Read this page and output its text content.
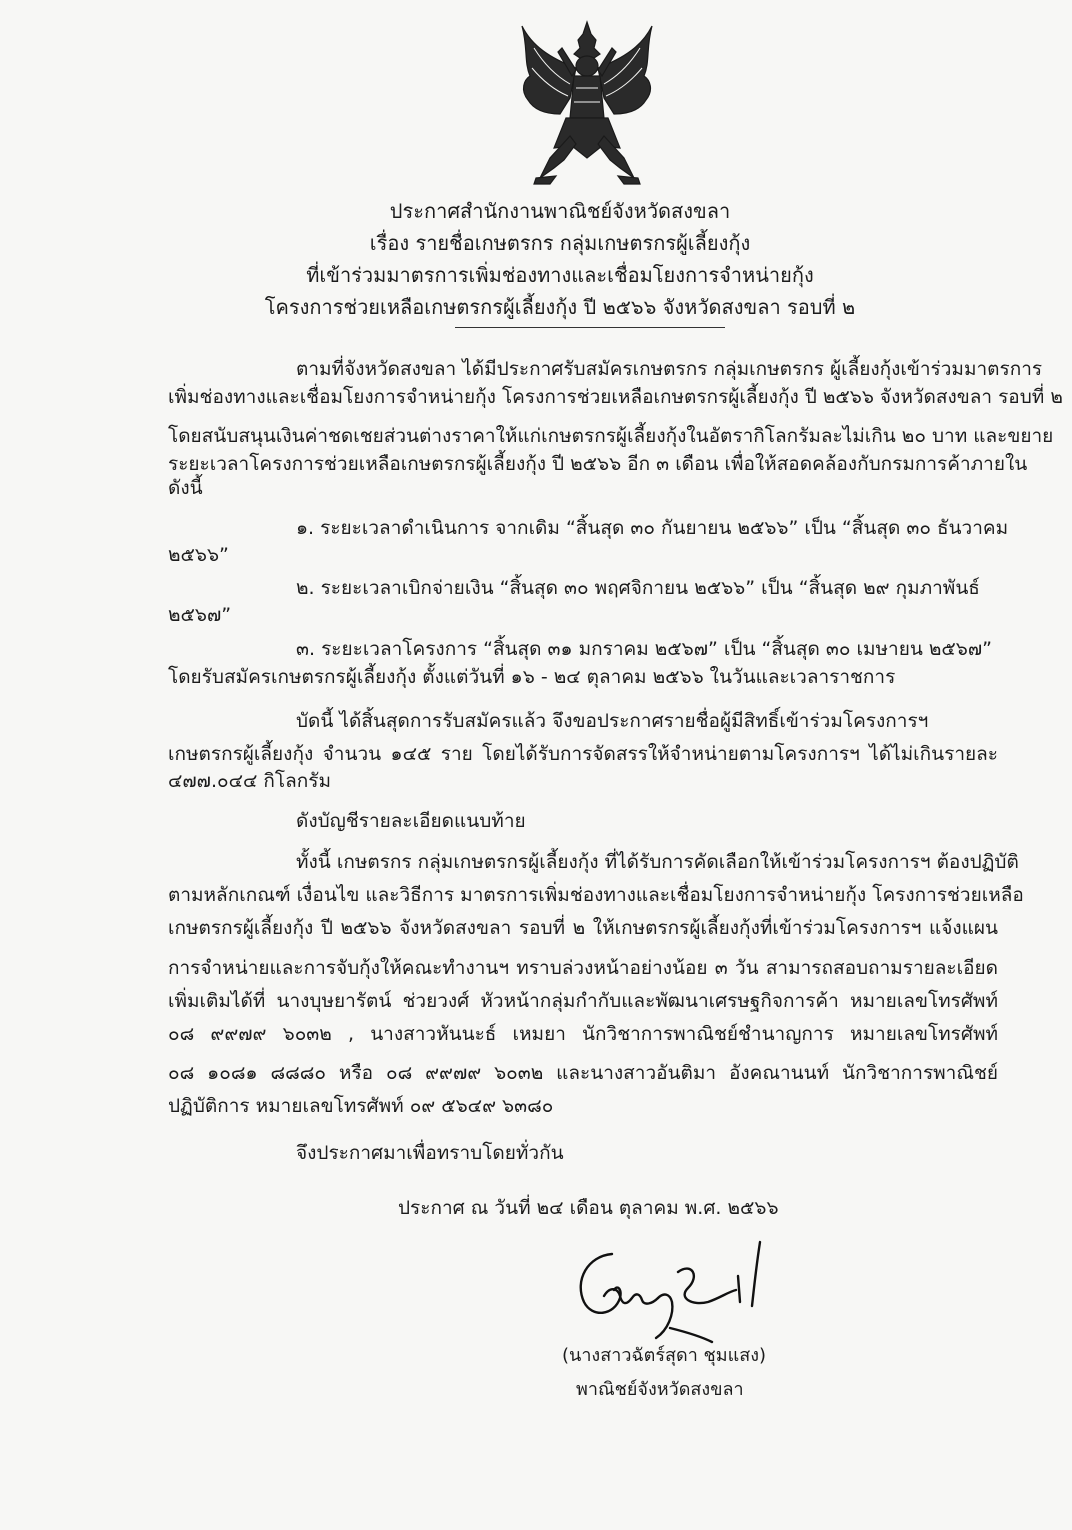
ประกาศสำนักงานพาณิชย์จังหวัดสงขลา
เรื่อง รายชื่อเกษตรกร กลุ่มเกษตรกรผู้เลี้ยงกุ้ง
ที่เข้าร่วมมาตรการเพิ่มช่องทางและเชื่อมโยงการจำหน่ายกุ้ง
โครงการช่วยเหลือเกษตรกรผู้เลี้ยงกุ้ง ปี ๒๕๖๖ จังหวัดสงขลา รอบที่ ๒
ตามที่จังหวัดสงขลา ได้มีประกาศรับสมัครเกษตรกร กลุ่มเกษตรกร ผู้เลี้ยงกุ้งเข้าร่วมมาตรการ
เพิ่มช่องทางและเชื่อมโยงการจำหน่ายกุ้ง โครงการช่วยเหลือเกษตรกรผู้เลี้ยงกุ้ง ปี ๒๕๖๖ จังหวัดสงขลา รอบที่ ๒
โดยสนับสนุนเงินค่าชดเชยส่วนต่างราคาให้แก่เกษตรกรผู้เลี้ยงกุ้งในอัตรากิโลกรัมละไม่เกิน ๒๐ บาท และขยาย
ระยะเวลาโครงการช่วยเหลือเกษตรกรผู้เลี้ยงกุ้ง ปี ๒๕๖๖ อีก ๓ เดือน เพื่อให้สอดคล้องกับกรมการค้าภายใน
ดังนี้
๑. ระยะเวลาดำเนินการ จากเดิม “สิ้นสุด ๓๐ กันยายน ๒๕๖๖” เป็น “สิ้นสุด ๓๐ ธันวาคม
๒๕๖๖”
๒. ระยะเวลาเบิกจ่ายเงิน “สิ้นสุด ๓๐ พฤศจิกายน ๒๕๖๖” เป็น “สิ้นสุด ๒๙ กุมภาพันธ์
๒๕๖๗”
๓. ระยะเวลาโครงการ “สิ้นสุด ๓๑ มกราคม ๒๕๖๗” เป็น “สิ้นสุด ๓๐ เมษายน ๒๕๖๗”
โดยรับสมัครเกษตรกรผู้เลี้ยงกุ้ง ตั้งแต่วันที่ ๑๖ - ๒๔ ตุลาคม ๒๕๖๖ ในวันและเวลาราชการ
บัดนี้ ได้สิ้นสุดการรับสมัครแล้ว จึงขอประกาศรายชื่อผู้มีสิทธิ์เข้าร่วมโครงการฯ
เกษตรกรผู้เลี้ยงกุ้ง จำนวน ๑๔๕ ราย โดยได้รับการจัดสรรให้จำหน่ายตามโครงการฯ ได้ไม่เกินรายละ
๔๗๗.๐๔๔ กิโลกรัม
ดังบัญชีรายละเอียดแนบท้าย
ทั้งนี้ เกษตรกร กลุ่มเกษตรกรผู้เลี้ยงกุ้ง ที่ได้รับการคัดเลือกให้เข้าร่วมโครงการฯ ต้องปฏิบัติ
ตามหลักเกณฑ์ เงื่อนไข และวิธีการ มาตรการเพิ่มช่องทางและเชื่อมโยงการจำหน่ายกุ้ง โครงการช่วยเหลือ
เกษตรกรผู้เลี้ยงกุ้ง ปี ๒๕๖๖ จังหวัดสงขลา รอบที่ ๒ ให้เกษตรกรผู้เลี้ยงกุ้งที่เข้าร่วมโครงการฯ แจ้งแผน
การจำหน่ายและการจับกุ้งให้คณะทำงานฯ ทราบล่วงหน้าอย่างน้อย ๓ วัน สามารถสอบถามรายละเอียด
เพิ่มเติมได้ที่ นางบุษยารัตน์ ช่วยวงศ์ หัวหน้ากลุ่มกำกับและพัฒนาเศรษฐกิจการค้า หมายเลขโทรศัพท์
๐๘ ๙๙๗๙ ๖๐๓๒ , นางสาวหันนะธ์ เหมยา นักวิชาการพาณิชย์ชำนาญการ หมายเลขโทรศัพท์
๐๘ ๑๐๘๑ ๘๘๘๐ หรือ ๐๘ ๙๙๗๙ ๖๐๓๒ และนางสาวอันติมา อังคณานนท์ นักวิชาการพาณิชย์
ปฏิบัติการ หมายเลขโทรศัพท์ ๐๙ ๕๖๔๙ ๖๓๘๐
จึงประกาศมาเพื่อทราบโดยทั่วกัน
ประกาศ ณ วันที่ ๒๔ เดือน ตุลาคม พ.ศ. ๒๕๖๖
(นางสาวฉัตร์สุดา ชุมแสง)
พาณิชย์จังหวัดสงขลา
